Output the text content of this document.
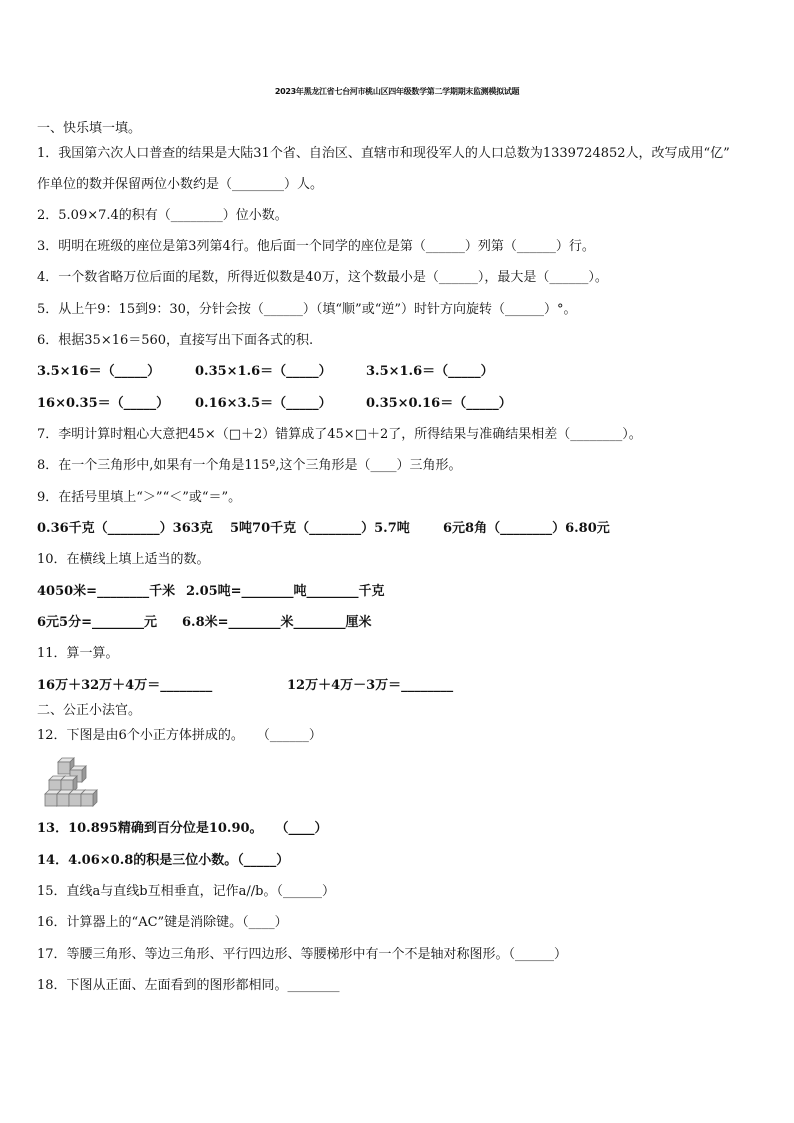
2023年黑龙江省七台河市桃山区四年级数学第二学期期末监测模拟试题
一、快乐填一填。
1．我国第六次人口普查的结果是大陆31个省、自治区、直辖市和现役军人的人口总数为1339724852人，改写成用“亿”
作单位的数并保留两位小数约是（________）人。
2．5.09×7.4的积有（________）位小数。
3．明明在班级的座位是第3列第4行。他后面一个同学的座位是第（______）列第（______）行。
4．一个数省略万位后面的尾数，所得近似数是40万，这个数最小是（______），最大是（______）。
5．从上午9：15到9：30，分针会按（______）（填“顺”或“逆”）时针方向旋转（______）°。
6．根据35×16＝560，直接写出下面各式的积.
3.5×16＝（_____）	0.35×1.6＝（_____）	3.5×1.6＝（_____）
16×0.35＝（_____） 0.16×3.5＝（_____）	0.35×0.16＝（_____）
7．李明计算时粗心大意把45×（□＋2）错算成了45×□＋2了，所得结果与准确结果相差（________）。
8．在一个三角形中,如果有一个角是115º,这个三角形是（____）三角形。
9．在括号里填上“＞”“＜”或“＝”。
0.36千克（________）363克 5吨70千克（________）5.7吨	6元8角（________）6.80元
10．在横线上填上适当的数。
4050米=________千米 2.05吨=________吨________千克
6元5分=________元 6.8米=________米________厘米
11．算一算。
16万＋32万＋4万＝________	12万＋4万－3万＝________
二、公正小法官。
12．下图是由6个小正方体拼成的。　　（______）
13．10.895精确到百分位是10.90。　　（____）
14．4.06×0.8的积是三位小数。（_____）
15．直线a与直线b互相垂直，记作a//b。（______）
16．计算器上的“AC”键是消除键。（____）
17．等腰三角形、等边三角形、平行四边形、等腰梯形中有一个不是轴对称图形。（______）
18．下图从正面、左面看到的图形都相同。________
